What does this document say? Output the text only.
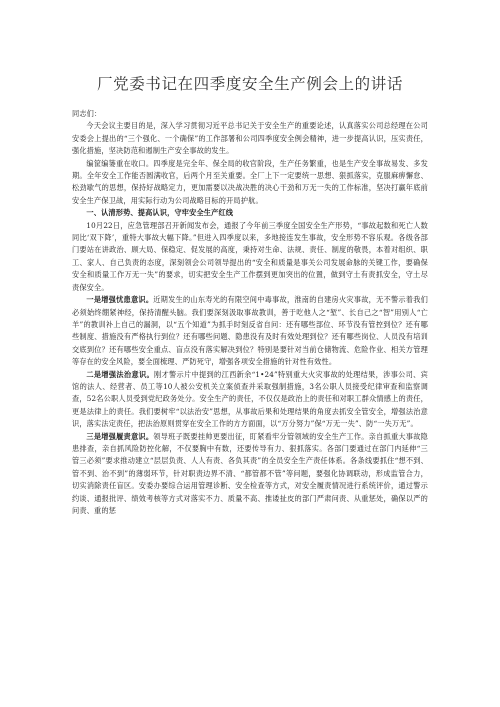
厂党委书记在四季度安全生产例会上的讲话

同志们：

今天会议主要目的是，深入学习贯彻习近平总书记关于安全生产的重要论述，认真落实公司总经理在公司安委会上提出的“三个强化、一个确保”的工作部署和公司四季度安全例会精神，进一步提高认识，压实责任，强化措施，坚决防范和遏制生产安全事故的发生。

编筐编篓重在收口。四季度是完全年、保全局的收官阶段，生产任务繁重，也是生产安全事故易发、多发期。全年安全工作能否圆满收官，后两个月至关重要。全厂上下一定要统一思想、狠抓落实，克服麻痹懈怠、松劲歇气的思想，保持好战略定力，更加需要以决战决胜的决心干劲和万无一失的工作标准，坚决打赢年底前安全生产保卫战，用实际行动为公司战略目标的开局护航。

一、认清形势、提高认识，守牢安全生产红线

10月22日，应急管理部召开新闻发布会，通报了今年前三季度全国安全生产形势，“事故起数和死亡人数同比‘双下降’，重特大事故大幅下降。”但进入四季度以来，多地接连发生事故，安全形势不容乐观。各级各部门要站在讲政治、顾大局、保稳定、促发展的高度，秉持对生命、法规、责任、制度的敬畏，本着对组织、职工、家人、自己负责的态度，深刻领会公司领导提出的“安全和质量是事关公司发展命脉的关键工作，要确保安全和质量工作万无一失”的要求，切实把安全生产工作摆到更加突出的位置，做到守土有责抓安全，守土尽责保安全。

一是增强忧患意识。近期发生的山东寿光的有限空间中毒事故，淮南的自建房火灾事故，无不警示着我们必须始终绷紧神经，保持清醒头脑。我们要深刻汲取事故教训，善于吃他人之“堑”、长自己之“智”用别人“亡羊”的教训补上自己的漏洞，以“五个知道”为抓手时刻反省自问：还有哪些部位、环节没有管控到位？还有哪些制度、措施没有严格执行到位？还有哪些问题、隐患没有及时有效处理到位？还有哪些岗位、人员没有培训交底到位？还有哪些安全重点、盲点没有落实解决到位？特别是要针对当前仓储物流、危险作业、相关方管理等存在的安全风险，要全面梳理、严防死守，增强各项安全措施的针对性有效性。

二是增强法治意识。刚才警示片中提到的江西新余“1•24”特别重大火灾事故的处理结果，涉事公司、宾馆的法人、经营者、员工等10人被公安机关立案侦查并采取强制措施，3名公职人员接受纪律审查和监察调查，52名公职人员受到党纪政务处分。安全生产的责任，不仅仅是政治上的责任和对职工群众情感上的责任，更是法律上的责任。我们要树牢“以法治安”思想，从事故后果和处理结果的角度去抓安全管安全，增强法治意识，落实法定责任，把法治原则贯穿在安全工作的方方面面，以“万分努力”保“万无一失”、防“一失万无”。

三是增强履责意识。领导班子既要挂帅更要出征，盯紧看牢分管领域的安全生产工作。亲自抓重大事故隐患排查，亲自抓风险防控化解，不仅要胸中有数，还要传导有力、狠抓落实。各部门要通过在部门内延伸“三管三必须”要求推动建立“层层负责、人人有责、各负其责”的全员安全生产责任体系。各条线要抓住“想不到、管不到、治不到”的薄弱环节，针对职责边界不清、“都管都不管”等问题，要强化协调联动，形成监管合力，切实消除责任盲区。安委办要综合运用管理诊断、安全检查等方式，对安全履责情况进行系统评价，通过警示约谈、通报批评、绩效考核等方式对落实不力、质量不高、推诿扯皮的部门严肃问责、从重惩处，确保以严的问责、重的惩
